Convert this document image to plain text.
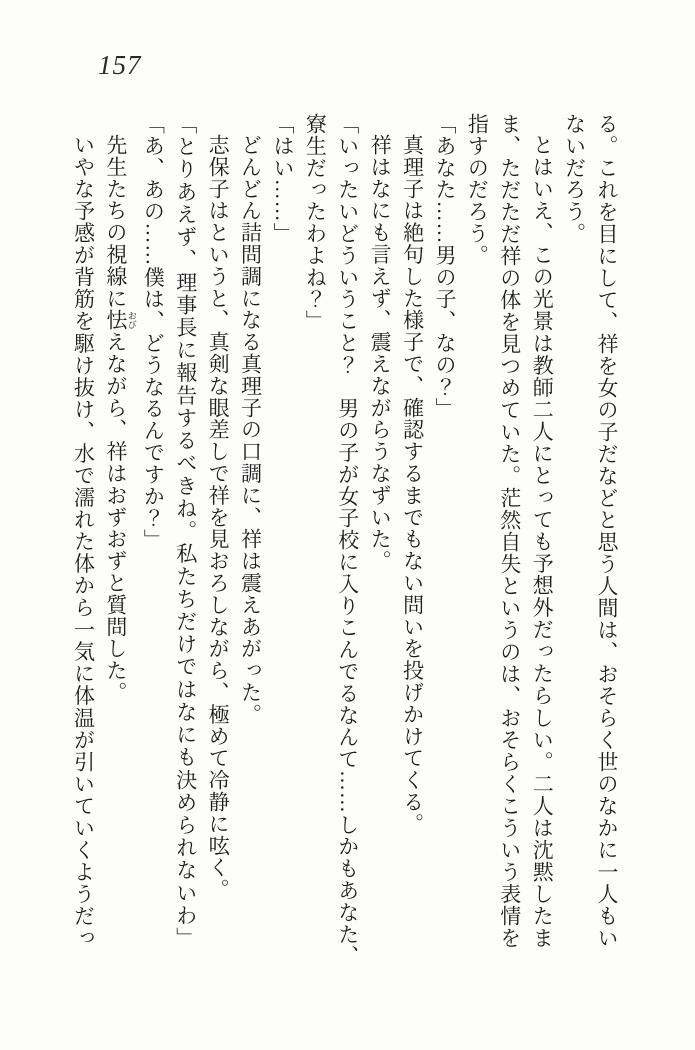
157

る。これを目にして、祥を女の子だなどと思う人間は、おそらく世のなかに一人もい

ないだろう。

とはいえ、この光景は教師二人にとっても予想外だったらしい。二人は沈黙したま

ま、ただただ祥の体を見つめていた。茫然自失というのは、おそらくこういう表情を

指すのだろう。

「あなた……男の子、なの？」

真理子は絶句した様子で、確認するまでもない問いを投げかけてくる。

祥はなにも言えず、震えながらうなずいた。

「いったいどういうこと？　男の子が女子校に入りこんでるなんて……しかもあなた、

寮生だったわよね？」

「はい……」

どんどん詰問調になる真理子の口調に、祥は震えあがった。

志保子はというと、真剣な眼差しで祥を見おろしながら、極めて冷静に呟く。

「とりあえず、理事長に報告するべきね。私たちだけではなにも決められないわ」

「あ、あの……僕は、どうなるんですか？」

先生たちの視線に怯 おびえながら、祥はおずおずと質問した。

いやな予感が背筋を駆け抜け、水で濡れた体から一気に体温が引いていくようだっ
